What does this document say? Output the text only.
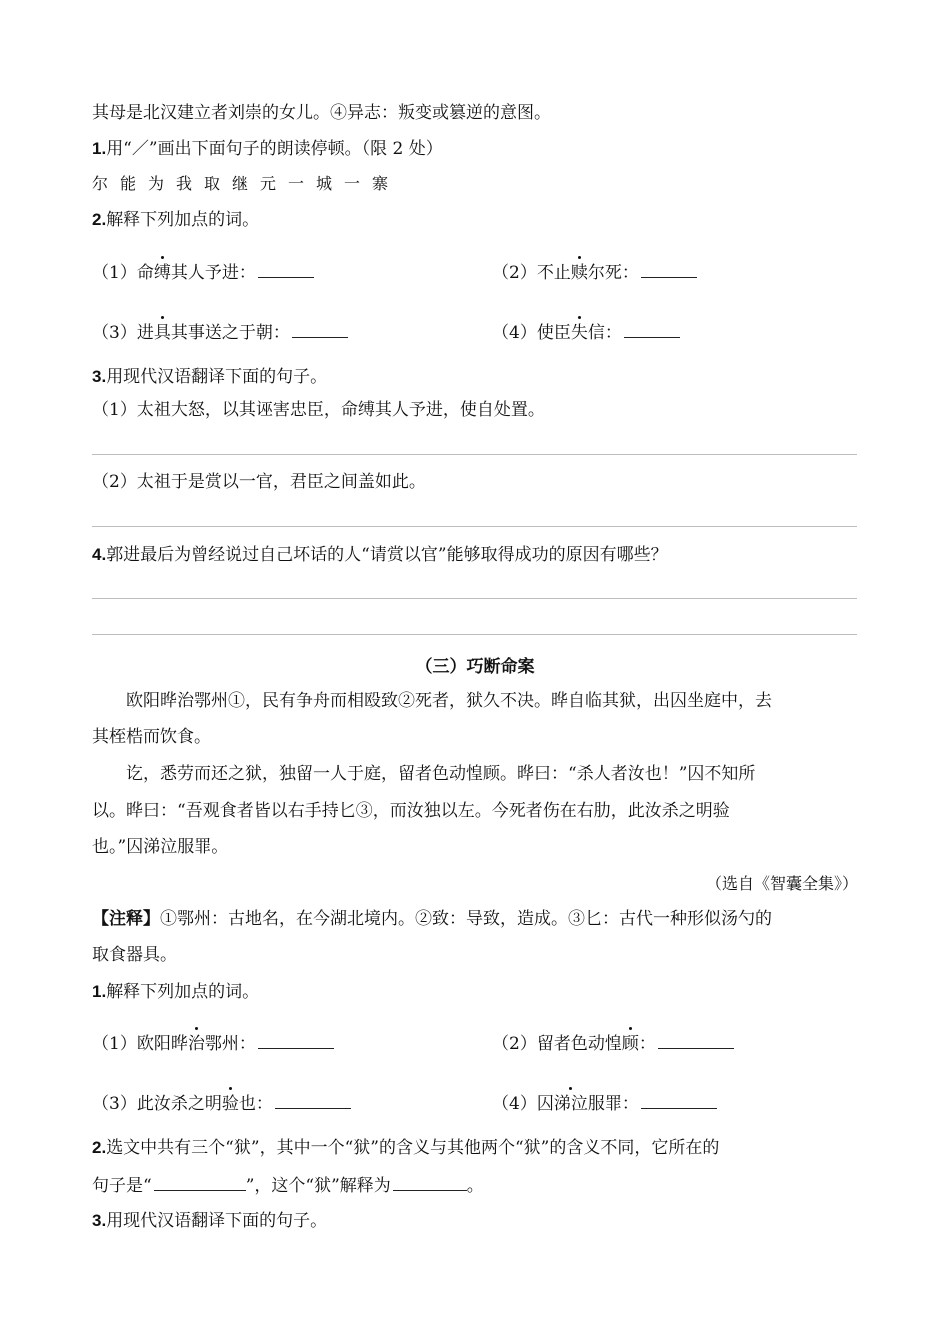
其母是北汉建立者刘崇的女儿。④异志：叛变或篡逆的意图。
1.用“／”画出下面句子的朗读停顿。（限 2 处）
尔能为我取继元一城一寨
2.解释下列加点的词。
（1）命缚其人予进：	（2）不止赎尔死：
（3）进具其事送之于朝：	（4）使臣失信：
3.用现代汉语翻译下面的句子。
（1）太祖大怒，以其诬害忠臣，命缚其人予进，使自处置。
（2）太祖于是赏以一官，君臣之间盖如此。
4.郭进最后为曾经说过自己坏话的人“请赏以官”能够取得成功的原因有哪些？
（三）巧断命案
欧阳晔治鄂州①，民有争舟而相殴致②死者，狱久不决。晔自临其狱，出囚坐庭中，去
其桎梏而饮食。
讫，悉劳而还之狱，独留一人于庭，留者色动惶顾。晔曰：“杀人者汝也！”囚不知所
以。晔曰：“吾观食者皆以右手持匕③，而汝独以左。今死者伤在右肋，此汝杀之明验
也。”囚涕泣服罪。
（选自《智囊全集》）
【注释】①鄂州：古地名，在今湖北境内。②致：导致，造成。③匕：古代一种形似汤勺的
取食器具。
1.解释下列加点的词。
（1）欧阳晔治鄂州：	（2）留者色动惶顾：
（3）此汝杀之明验也：	（4）囚涕泣服罪：
2.选文中共有三个“狱”，其中一个“狱”的含义与其他两个“狱”的含义不同，它所在的
句子是“	”，这个“狱”解释为	。
3.用现代汉语翻译下面的句子。
